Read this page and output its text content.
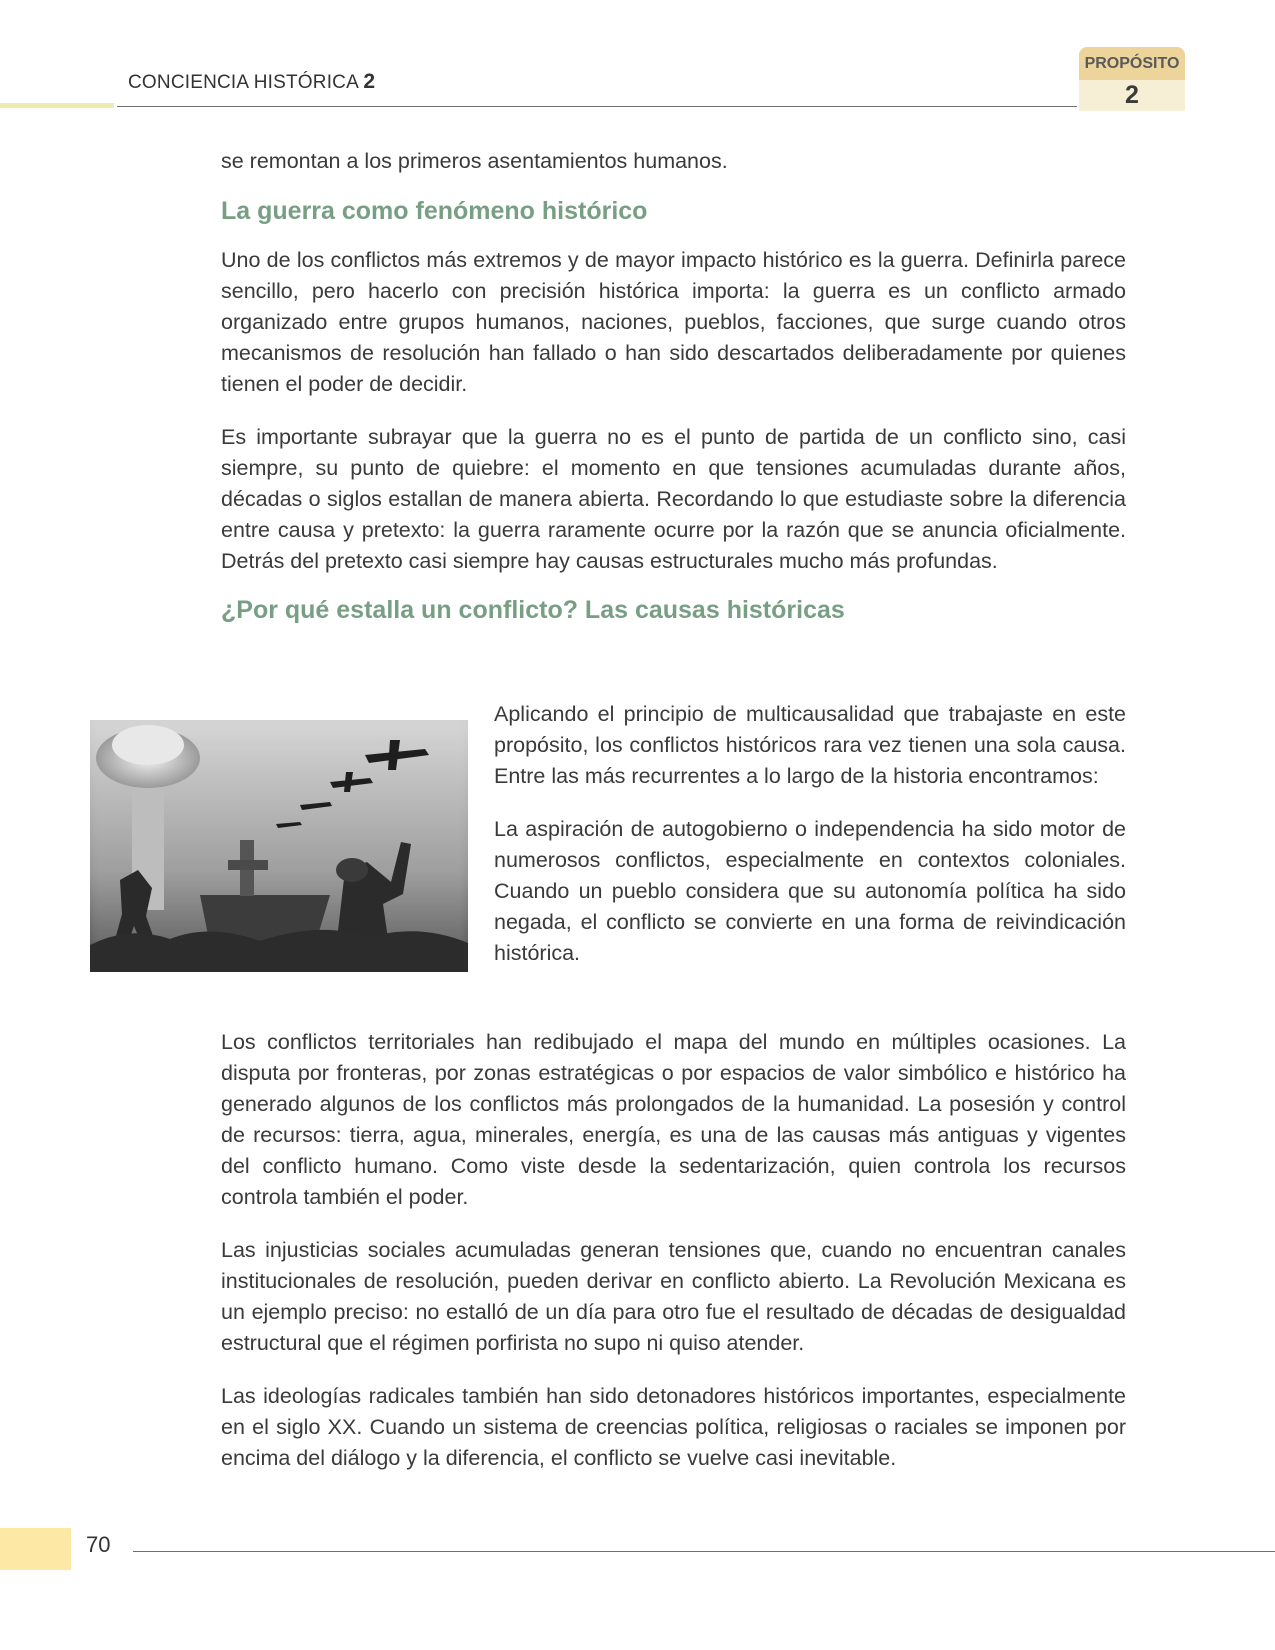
CONCIENCIA HISTÓRICA 2
PROPÓSITO
2

se remontan a los primeros asentamientos humanos.

La guerra como fenómeno histórico

Uno de los conflictos más extremos y de mayor impacto histórico es la guerra. Definirla parece sencillo, pero hacerlo con precisión histórica importa: la guerra es un conflicto armado organizado entre grupos humanos, naciones, pueblos, facciones, que surge cuando otros mecanismos de resolución han fallado o han sido descartados deliberadamente por quienes tienen el poder de decidir.

Es importante subrayar que la guerra no es el punto de partida de un conflicto sino, casi siempre, su punto de quiebre: el momento en que tensiones acumuladas durante años, décadas o siglos estallan de manera abierta. Recordando lo que estudiaste sobre la diferencia entre causa y pretexto: la guerra raramente ocurre por la razón que se anuncia oficialmente. Detrás del pretexto casi siempre hay causas estructurales mucho más profundas.

¿Por qué estalla un conflicto? Las causas históricas

Aplicando el principio de multicausalidad que trabajaste en este propósito, los conflictos históricos rara vez tienen una sola causa. Entre las más recurrentes a lo largo de la historia encontramos:

La aspiración de autogobierno o independencia ha sido motor de numerosos conflictos, especialmente en contextos coloniales. Cuando un pueblo considera que su autonomía política ha sido negada, el conflicto se convierte en una forma de reivindicación histórica.

Los conflictos territoriales han redibujado el mapa del mundo en múltiples ocasiones. La disputa por fronteras, por zonas estratégicas o por espacios de valor simbólico e histórico ha generado algunos de los conflictos más prolongados de la humanidad. La posesión y control de recursos: tierra, agua, minerales, energía, es una de las causas más antiguas y vigentes del conflicto humano. Como viste desde la sedentarización, quien controla los recursos controla también el poder.

Las injusticias sociales acumuladas generan tensiones que, cuando no encuentran canales institucionales de resolución, pueden derivar en conflicto abierto. La Revolución Mexicana es un ejemplo preciso: no estalló de un día para otro fue el resultado de décadas de desigualdad estructural que el régimen porfirista no supo ni quiso atender.

Las ideologías radicales también han sido detonadores históricos importantes, especialmente en el siglo XX. Cuando un sistema de creencias política, religiosas o raciales se imponen por encima del diálogo y la diferencia, el conflicto se vuelve casi inevitable.

70
